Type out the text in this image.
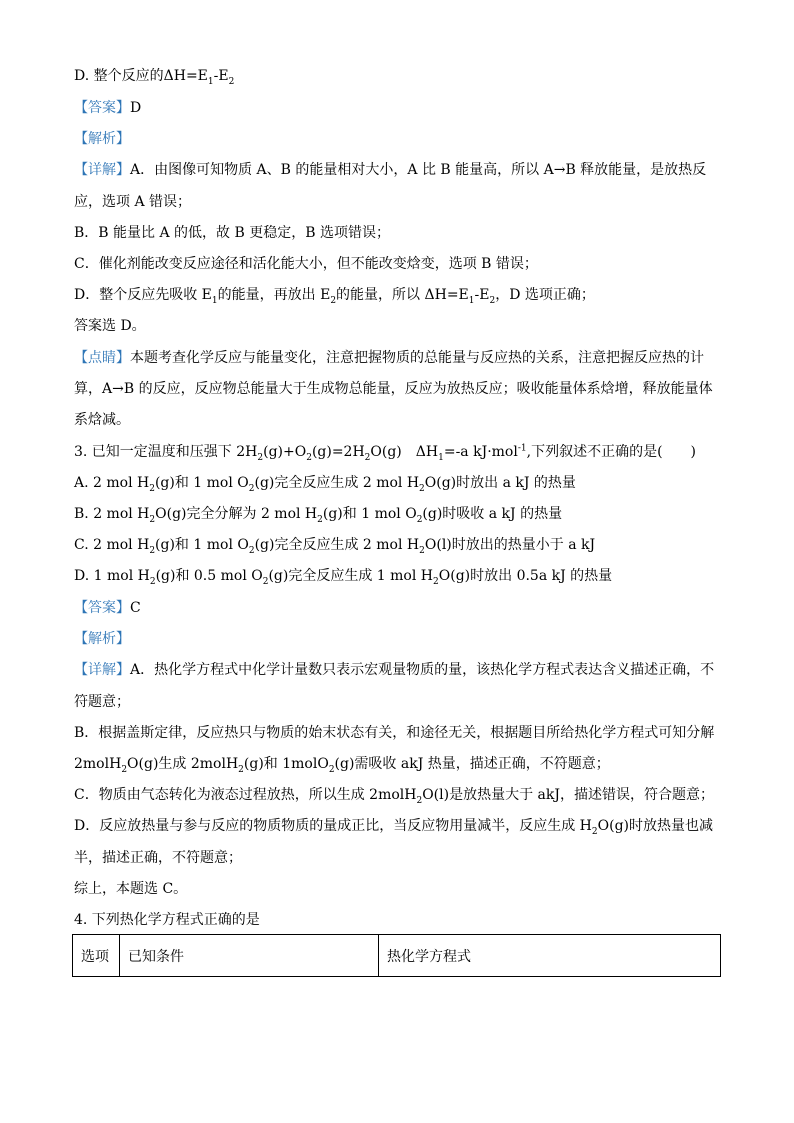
D. 整个反应的$\Delta H=E_1-E_2$
【答案】D
【解析】
【详解】A．由图像可知物质 A、B 的能量相对大小，A 比 B 能量高，所以 A→B 释放能量，是放热反
应，选项 A 错误；
B．B 能量比 A 的低，故 B 更稳定，B 选项错误；
C．催化剂能改变反应途径和活化能大小，但不能改变焓变，选项 B 错误；
D．整个反应先吸收 $E_1$的能量，再放出 $E_2$的能量，所以 $\Delta H=E_1-E_2$，D 选项正确；
答案选 D。
【点睛】本题考查化学反应与能量变化，注意把握物质的总能量与反应热的关系，注意把握反应热的计
算，A→B 的反应，反应物总能量大于生成物总能量，反应为放热反应；吸收能量体系焓增，释放能量体
系焓减。
3. 已知一定温度和压强下 $2H_2(g)+O_2(g)=2H_2O(g)$ $\Delta H_1=-a$ kJ·mol$^{-1}$,下列叙述不正确的是(　　)
A. 2 mol $H_2(g)$和 1 mol $O_2(g)$完全反应生成 2 mol $H_2O(g)$时放出 a kJ 的热量
B. 2 mol $H_2O(g)$完全分解为 2 mol $H_2(g)$和 1 mol $O_2(g)$时吸收 a kJ 的热量
C. 2 mol $H_2(g)$和 1 mol $O_2(g)$完全反应生成 2 mol $H_2O(l)$时放出的热量小于 a kJ
D. 1 mol $H_2(g)$和 0.5 mol $O_2(g)$完全反应生成 1 mol $H_2O(g)$时放出 0.5a kJ 的热量
【答案】C
【解析】
【详解】A．热化学方程式中化学计量数只表示宏观量物质的量，该热化学方程式表达含义描述正确，不
符题意；
B．根据盖斯定律，反应热只与物质的始末状态有关，和途径无关，根据题目所给热化学方程式可知分解
2molH$_2$O(g)生成 2molH$_2$(g)和 1molO$_2$(g)需吸收 akJ 热量，描述正确，不符题意；
C．物质由气态转化为液态过程放热，所以生成 2molH$_2$O(l)是放热量大于 akJ，描述错误，符合题意；
D．反应放热量与参与反应的物质物质的量成正比，当反应物用量减半，反应生成 $H_2O(g)$时放热量也减
半，描述正确，不符题意；
综上，本题选 C。
4. 下列热化学方程式正确的是
选项	已知条件	热化学方程式
